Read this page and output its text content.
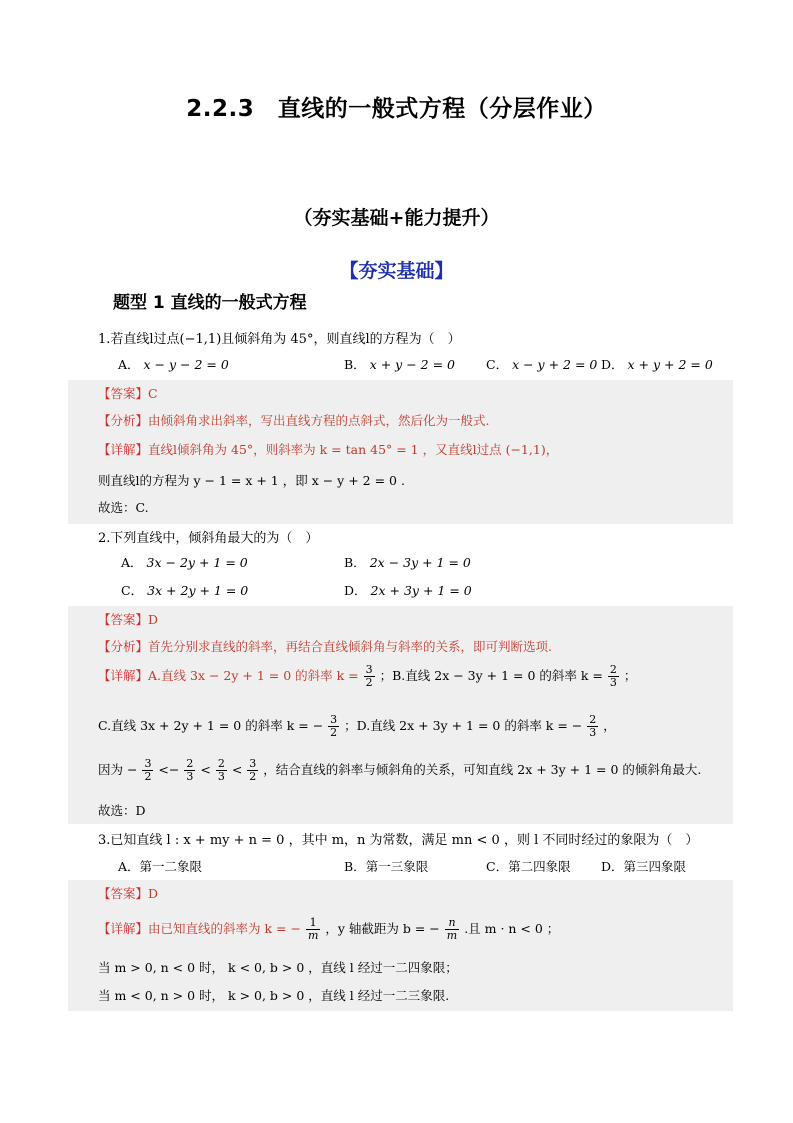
2.2.3　直线的一般式方程（分层作业）
（夯实基础+能力提升）
【夯实基础】
题型 1 直线的一般式方程
1.若直线l过点(−1,1)且倾斜角为 45°，则直线l的方程为（　）
A． x − y − 2 = 0	B． x + y − 2 = 0 C． x − y + 2 = 0 D． x + y + 2 = 0
【答案】C
【分析】由倾斜角求出斜率，写出直线方程的点斜式，然后化为一般式.
【详解】直线l倾斜角为 45°，则斜率为 k = tan 45° = 1 ，又直线l过点 (−1,1)，
则直线l的方程为 y − 1 = x + 1 ，即 x − y + 2 = 0 .
故选：C.
2.下列直线中，倾斜角最大的为（　）
A． 3x − 2y + 1 = 0	B． 2x − 3y + 1 = 0
C． 3x + 2y + 1 = 0	D． 2x + 3y + 1 = 0
【答案】D
【分析】首先分别求直线的斜率，再结合直线倾斜角与斜率的关系，即可判断选项.
【详解】A.直线 3x − 2y + 1 = 0 的斜率 $k = \frac{3}{2}$ ；B.直线 2x − 3y + 1 = 0 的斜率 $k = \frac{2}{3}$ ；
C.直线 3x + 2y + 1 = 0 的斜率 k = − $\frac{3}{2}$ ；D.直线 2x + 3y + 1 = 0 的斜率 k = − $\frac{2}{3}$ ，
因为 − $\frac{3}{2} <- \frac{2}{3} < \frac{2}{3} < \frac{3}{2}$ ，结合直线的斜率与倾斜角的关系，可知直线 2x + 3y + 1 = 0 的倾斜角最大.
故选：D
3.已知直线 l : x + my + n = 0 ，其中 m，n 为常数，满足 mn < 0 ，则 l 不同时经过的象限为（　）
A．第一二象限	B．第一三象限	C．第二四象限 D．第三四象限
【答案】D
【详解】由已知直线的斜率为 k = − $\frac{1}{m}$ ，y 轴截距为 b = − $\frac{n}{m}$ .且 m · n < 0 ；
当 m > 0, n < 0 时， k < 0, b > 0 ，直线 l 经过一二四象限；
当 m < 0, n > 0 时， k > 0, b > 0 ，直线 l 经过一二三象限.
